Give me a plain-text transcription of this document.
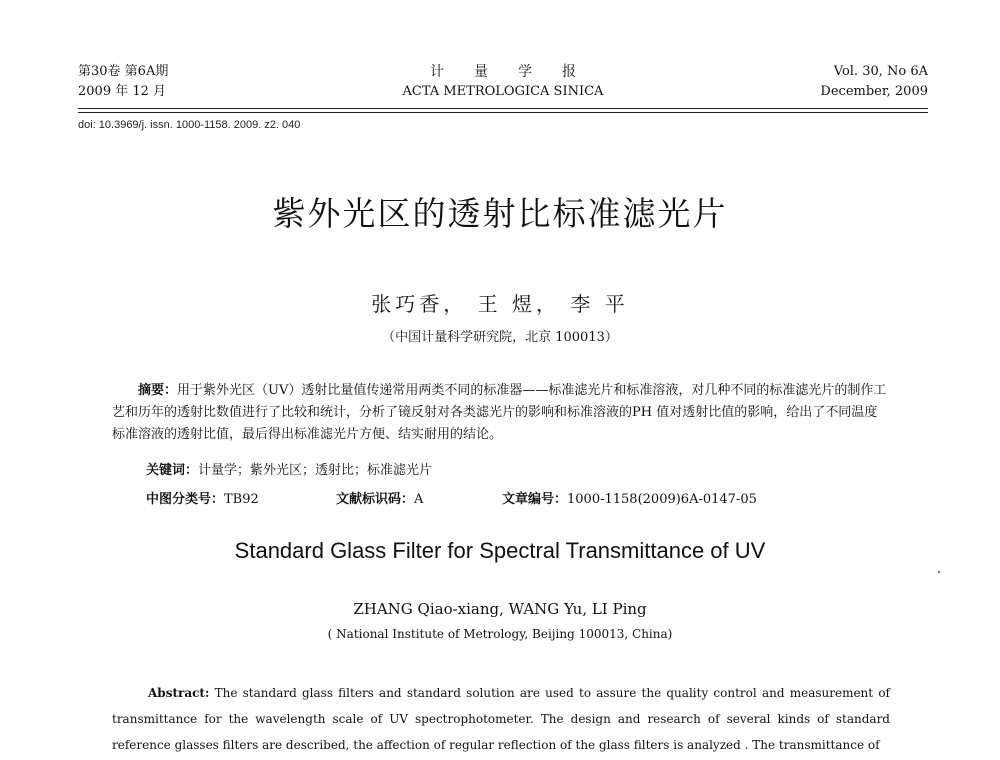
第30卷 第6A期
2009 年 12 月
计量学报
ACTA METROLOGICA SINICA
Vol. 30, No 6A
December, 2009
doi: 10.3969/j. issn. 1000-1158. 2009. z2. 040
紫外光区的透射比标准滤光片
张巧香， 王 煜， 李 平
（中国计量科学研究院，北京 100013）
摘要：用于紫外光区（UV）透射比量值传递常用两类不同的标准器——标准滤光片和标准溶液，对几种不同的标准滤光片的制作工艺和历年的透射比数值进行了比较和统计，分析了镜反射对各类滤光片的影响和标准溶液的PH 值对透射比值的影响，给出了不同温度标准溶液的透射比值，最后得出标准滤光片方便、结实耐用的结论。
关键词：计量学；紫外光区；透射比；标准滤光片
中图分类号：TB92	文献标识码：A	文章编号：1000-1158(2009)6A-0147-05
Standard Glass Filter for Spectral Transmittance of UV
ZHANG Qiao-xiang, WANG Yu, LI Ping
( National Institute of Metrology, Beijing 100013, China)
Abstract: The standard glass filters and standard solution are used to assure the quality control and measurement of transmittance for the wavelength scale of UV spectrophotometer. The design and research of several kinds of standard reference glasses filters are described, the affection of regular reflection of the glass filters is analyzed . The transmittance of
